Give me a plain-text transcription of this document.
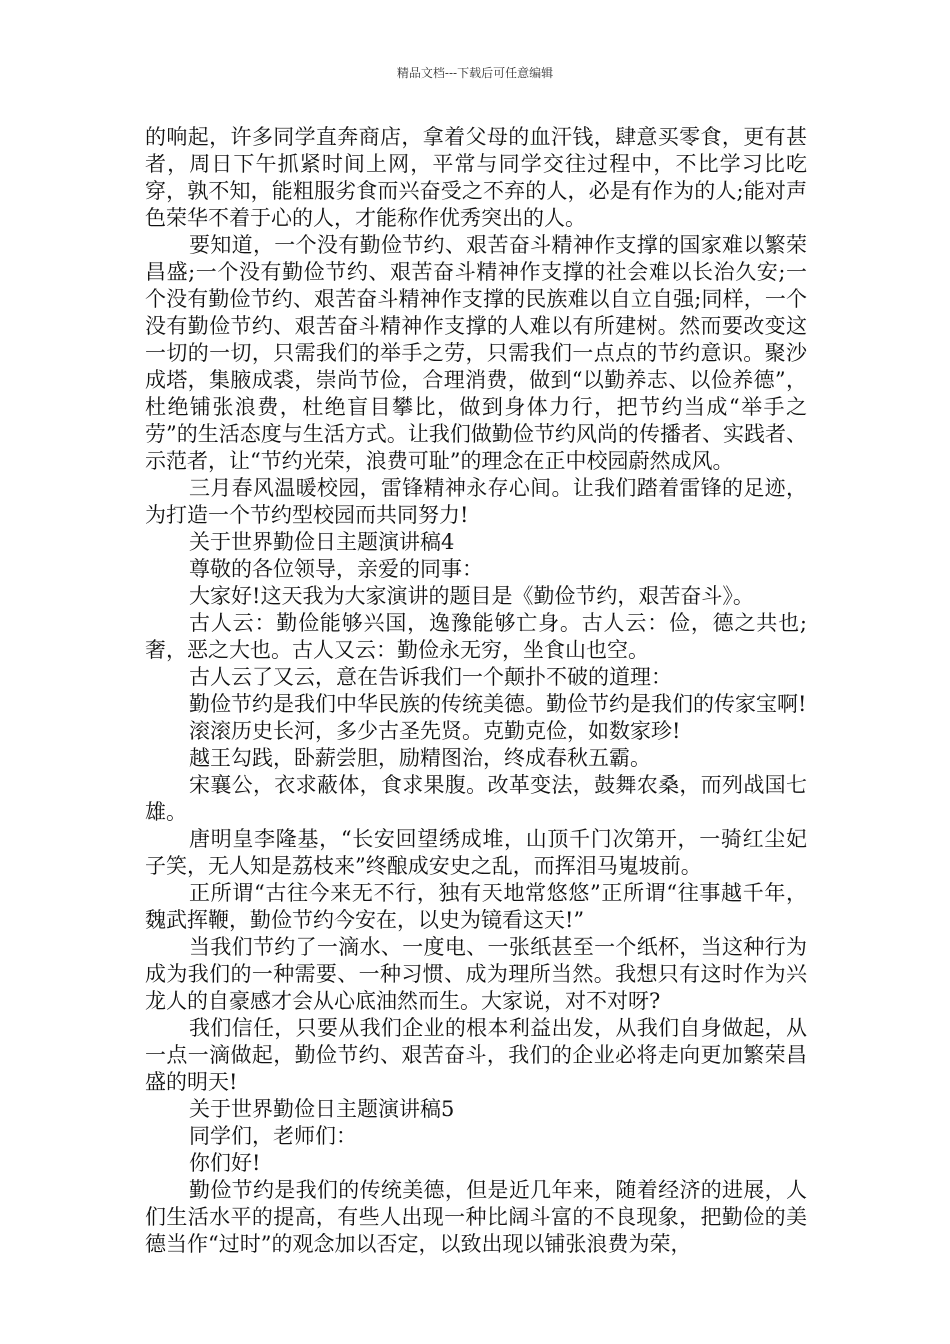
精品文档---下载后可任意编辑

的响起，许多同学直奔商店，拿着父母的血汗钱，肆意买零食，更有甚者，周日下午抓紧时间上网，平常与同学交往过程中，不比学习比吃穿，孰不知，能粗服劣食而兴奋受之不弃的人，必是有作为的人;能对声色荣华不着于心的人，才能称作优秀突出的人。

要知道，一个没有勤俭节约、艰苦奋斗精神作支撑的国家难以繁荣昌盛;一个没有勤俭节约、艰苦奋斗精神作支撑的社会难以长治久安;一个没有勤俭节约、艰苦奋斗精神作支撑的民族难以自立自强;同样，一个没有勤俭节约、艰苦奋斗精神作支撑的人难以有所建树。然而要改变这一切的一切，只需我们的举手之劳，只需我们一点点的节约意识。聚沙成塔，集腋成裘，崇尚节俭，合理消费，做到“以勤养志、以俭养德”，杜绝铺张浪费，杜绝盲目攀比，做到身体力行，把节约当成“举手之劳”的生活态度与生活方式。让我们做勤俭节约风尚的传播者、实践者、示范者，让“节约光荣，浪费可耻”的理念在正中校园蔚然成风。

三月春风温暖校园，雷锋精神永存心间。让我们踏着雷锋的足迹，为打造一个节约型校园而共同努力!

关于世界勤俭日主题演讲稿4

尊敬的各位领导，亲爱的同事：

大家好!这天我为大家演讲的题目是《勤俭节约，艰苦奋斗》。

古人云：勤俭能够兴国，逸豫能够亡身。古人云：俭，德之共也;奢，恶之大也。古人又云：勤俭永无穷，坐食山也空。

古人云了又云，意在告诉我们一个颠扑不破的道理：

勤俭节约是我们中华民族的传统美德。勤俭节约是我们的传家宝啊!

滚滚历史长河，多少古圣先贤。克勤克俭，如数家珍!

越王勾践，卧薪尝胆，励精图治，终成春秋五霸。

宋襄公，衣求蔽体，食求果腹。改革变法，鼓舞农桑，而列战国七雄。

唐明皇李隆基，“长安回望绣成堆，山顶千门次第开，一骑红尘妃子笑，无人知是荔枝来”终酿成安史之乱，而挥泪马嵬坡前。

正所谓“古往今来无不行，独有天地常悠悠”正所谓“往事越千年，魏武挥鞭，勤俭节约今安在，以史为镜看这天!”

当我们节约了一滴水、一度电、一张纸甚至一个纸杯，当这种行为成为我们的一种需要、一种习惯、成为理所当然。我想只有这时作为兴龙人的自豪感才会从心底油然而生。大家说，对不对呀?

我们信任，只要从我们企业的根本利益出发，从我们自身做起，从一点一滴做起，勤俭节约、艰苦奋斗，我们的企业必将走向更加繁荣昌盛的明天!

关于世界勤俭日主题演讲稿5

同学们，老师们：

你们好!

勤俭节约是我们的传统美德，但是近几年来，随着经济的进展，人们生活水平的提高，有些人出现一种比阔斗富的不良现象，把勤俭的美德当作“过时”的观念加以否定，以致出现以铺张浪费为荣，
